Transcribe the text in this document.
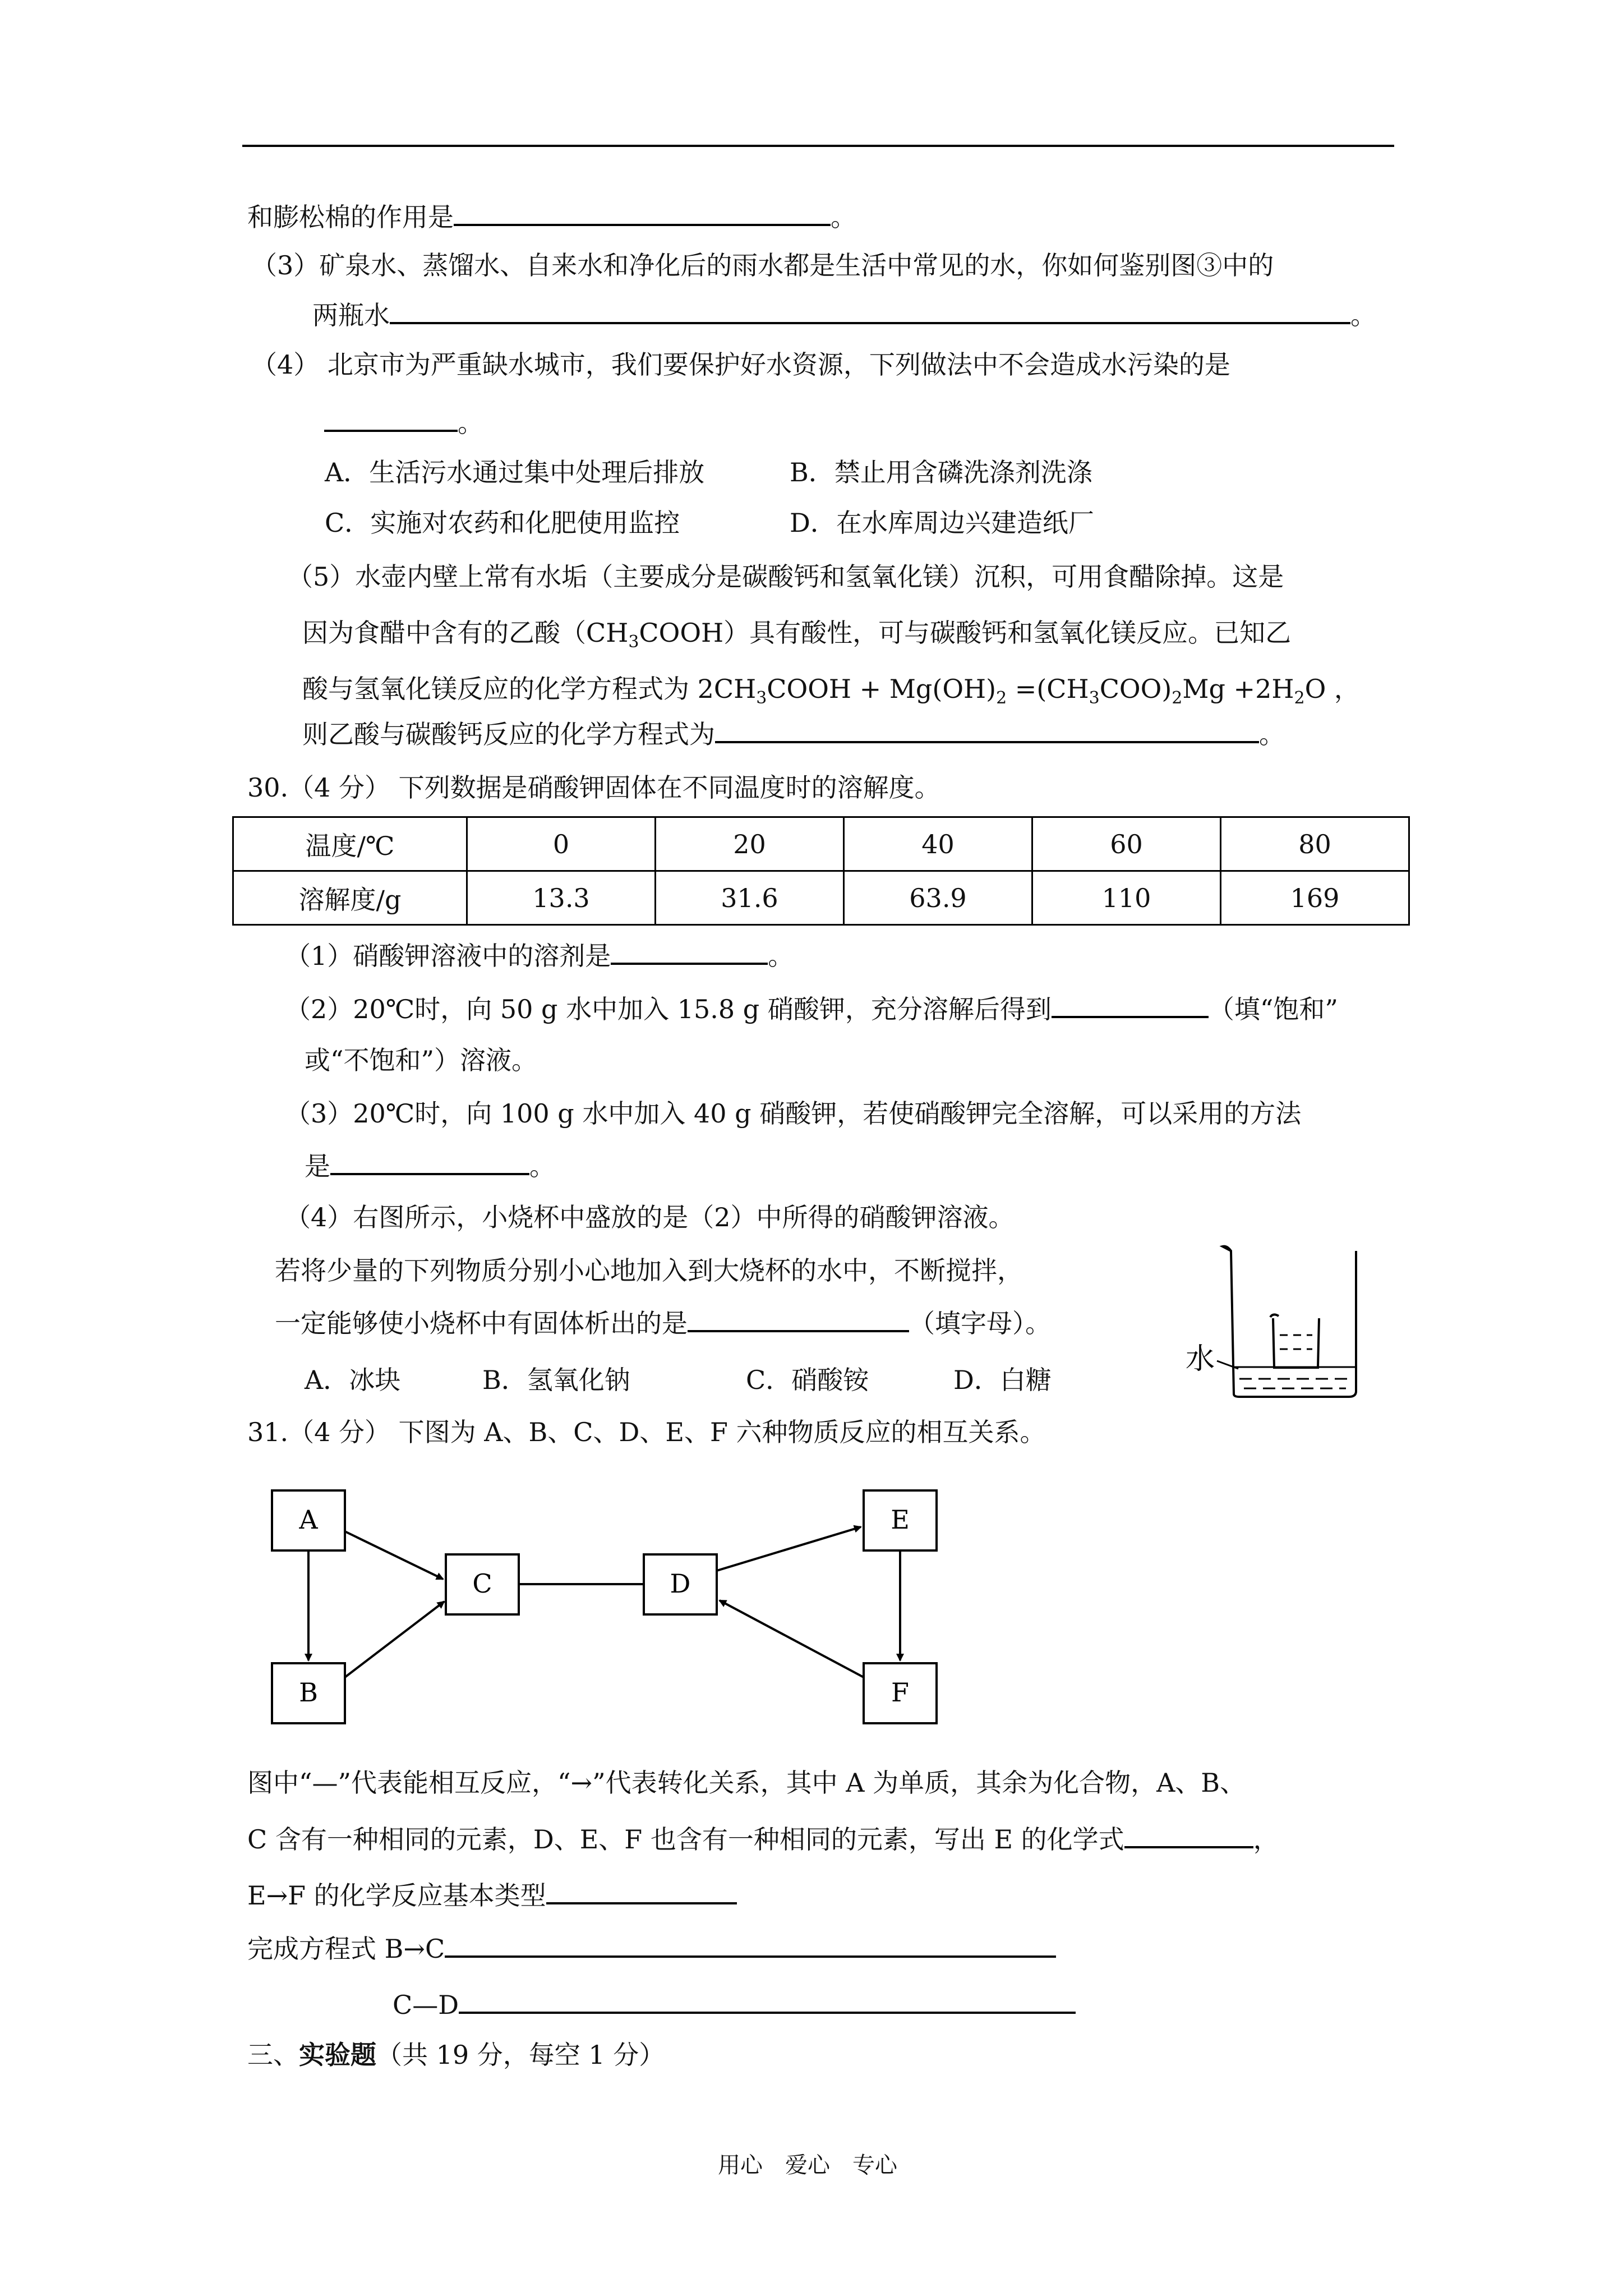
和膨松棉的作用是	。
（3）矿泉水、蒸馏水、自来水和净化后的雨水都是生活中常见的水，你如何鉴别图③中的
两瓶水	。
（4） 北京市为严重缺水城市，我们要保护好水资源，下列做法中不会造成水污染的是
。
A．生活污水通过集中处理后排放	B．禁止用含磷洗涤剂洗涤
C．实施对农药和化肥使用监控	D．在水库周边兴建造纸厂
（5）水壶内壁上常有水垢（主要成分是碳酸钙和氢氧化镁）沉积，可用食醋除掉。这是
因为食醋中含有的乙酸$(CH_3COOH)$具有酸性，可与碳酸钙和氢氧化镁反应。已知乙
酸与氢氧化镁反应的化学方程式为 $2CH_3COOH + Mg(OH)_2 =(CH_3COO)_2Mg +2H_2O$ ，
则乙酸与碳酸钙反应的化学方程式为	。
30.（4 分） 下列数据是硝酸钾固体在不同温度时的溶解度。
温度/℃	0	20	40	60	80
溶解度/g	13.3	31.6	63.9	110	169
（1）硝酸钾溶液中的溶剂是	。
（2）20℃时，向 50 g 水中加入 15.8 g 硝酸钾，充分溶解后得到	（填“饱和”
或“不饱和”）溶液。
（3）20℃时，向 100 g 水中加入 40 g 硝酸钾，若使硝酸钾完全溶解，可以采用的方法
是	。
（4）右图所示，小烧杯中盛放的是（2）中所得的硝酸钾溶液。
若将少量的下列物质分别小心地加入到大烧杯的水中，不断搅拌，
一定能够使小烧杯中有固体析出的是	（填字母）。
A．冰块	B．氢氧化钠	C．硝酸铵	D．白糖
水
31.（4 分） 下图为 A、B、C、D、E、F 六种物质反应的相互关系。
A
B
C	D
E
F
图中“—”代表能相互反应，“→”代表转化关系，其中 A 为单质，其余为化合物，A、B、
C 含有一种相同的元素，D、E、F 也含有一种相同的元素，写出 E 的化学式	，
E→F 的化学反应基本类型
完成方程式 B→C
C—D
三、实验题（共 19 分，每空 1 分）
用心　爱心　专心
